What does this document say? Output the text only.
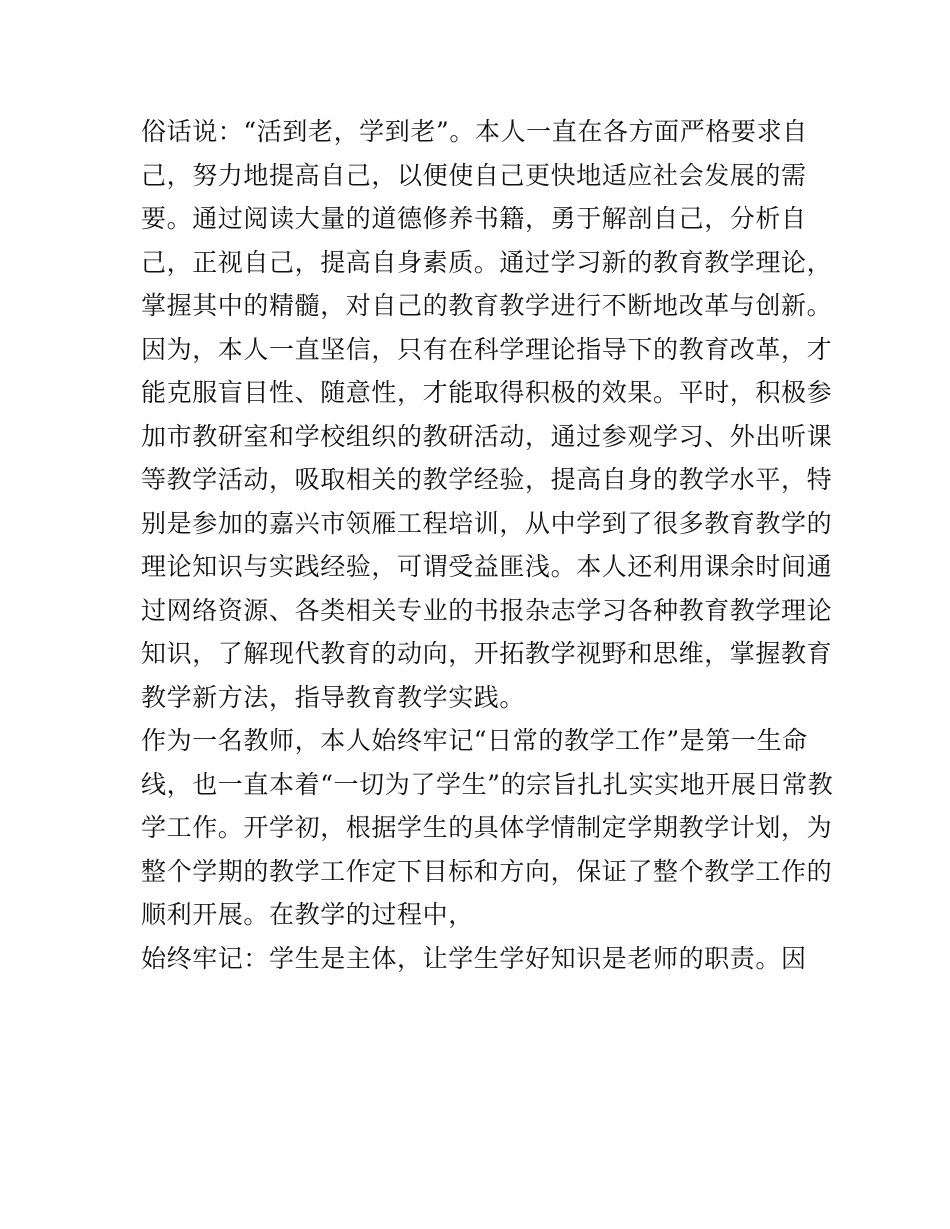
俗话说：“活到老，学到老”。本人一直在各方面严格要求自
己，努力地提高自己，以便使自己更快地适应社会发展的需
要。通过阅读大量的道德修养书籍，勇于解剖自己，分析自
己，正视自己，提高自身素质。通过学习新的教育教学理论，
掌握其中的精髓，对自己的教育教学进行不断地改革与创新。
因为，本人一直坚信，只有在科学理论指导下的教育改革，才
能克服盲目性、随意性，才能取得积极的效果。平时，积极参
加市教研室和学校组织的教研活动，通过参观学习、外出听课
等教学活动，吸取相关的教学经验，提高自身的教学水平，特
别是参加的嘉兴市领雁工程培训，从中学到了很多教育教学的
理论知识与实践经验，可谓受益匪浅。本人还利用课余时间通
过网络资源、各类相关专业的书报杂志学习各种教育教学理论
知识，了解现代教育的动向，开拓教学视野和思维，掌握教育
教学新方法，指导教育教学实践。
作为一名教师，本人始终牢记“日常的教学工作”是第一生命
线，也一直本着“一切为了学生”的宗旨扎扎实实地开展日常教
学工作。开学初，根据学生的具体学情制定学期教学计划，为
整个学期的教学工作定下目标和方向，保证了整个教学工作的
顺利开展。在教学的过程中，
始终牢记：学生是主体，让学生学好知识是老师的职责。因
